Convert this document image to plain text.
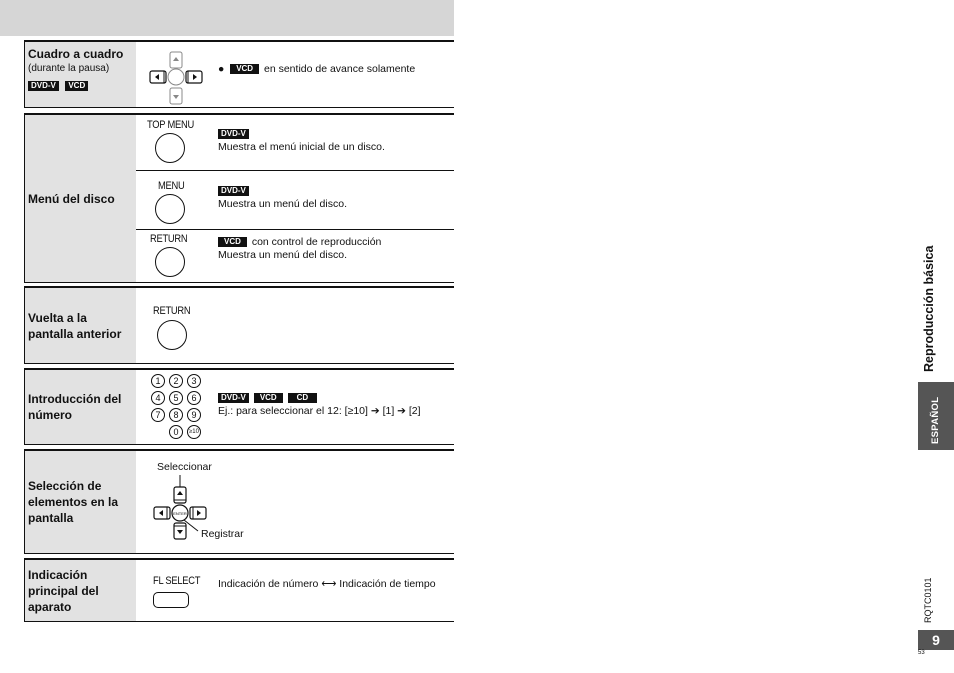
Cuadro a cuadro
(durante la pausa)
DVD-V VCD
●  VCD en sentido de avance solamente
Menú del disco
TOP MENU
DVD-V
Muestra el menú inicial de un disco.
MENU	DVD-V
Muestra un menú del disco.
RETURN	VCD con control de reproducción
Muestra un menú del disco.
Vuelta a la pantalla anterior
RETURN
Introducción del número
1	2	3
4	5	6
7	8	9
0	≥10
DVD-V VCD CD
Ej.: para seleccionar el 12: [≥10] ➔ [1] ➔ [2]
Selección de elementos en la pantalla
Seleccionar
Registrar
ENTER
Indicación principal del aparato
FL SELECT Indicación de número ⟷ Indicación de tiempo
Reproducción básica
ESPAÑOL
RQTC0101
9
53
